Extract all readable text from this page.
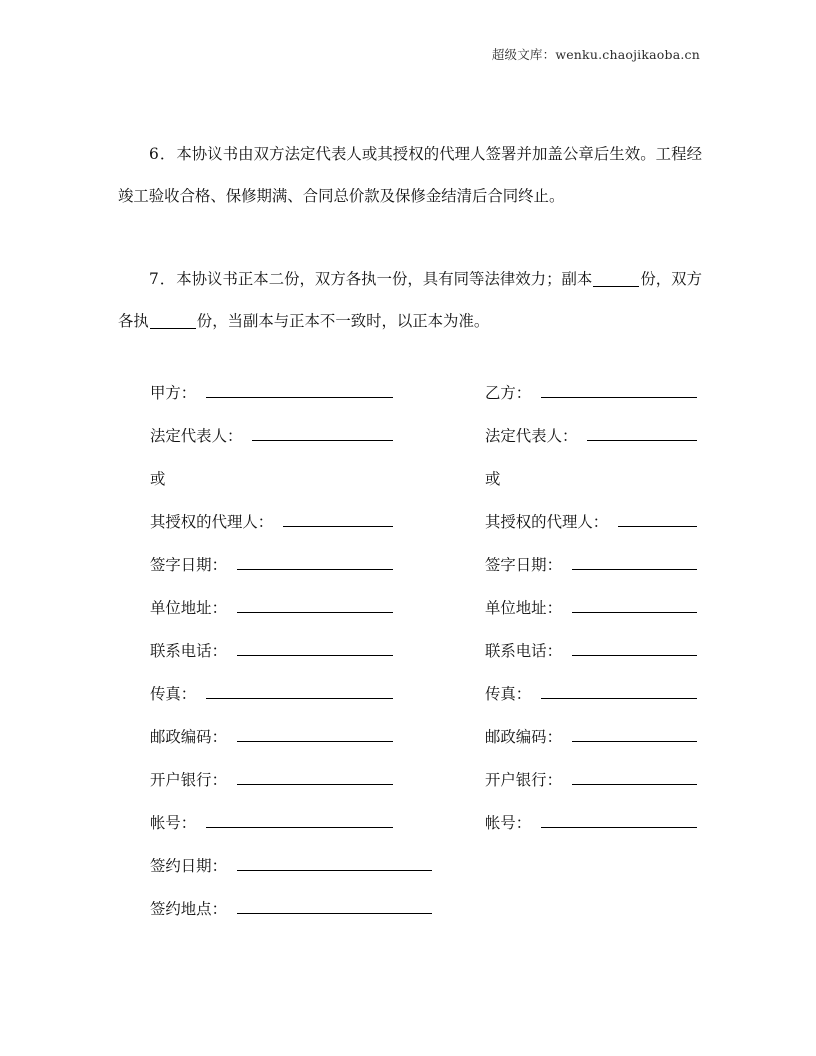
超级文库：wenku.chaojikaoba.cn

6．本协议书由双方法定代表人或其授权的代理人签署并加盖公章后生效。工程经竣工验收合格、保修期满、合同总价款及保修金结清后合同终止。

7．本协议书正本二份，双方各执一份，具有同等法律效力；副本	份，双方各执	份，当副本与正本不一致时，以正本为准。

甲方：
法定代表人：
或
其授权的代理人：
签字日期：
单位地址：
联系电话：
传真：
邮政编码：
开户银行：
帐号：
签约日期：
签约地点：
乙方：
法定代表人：
或
其授权的代理人：
签字日期：
单位地址：
联系电话：
传真：
邮政编码：
开户银行：
帐号：
